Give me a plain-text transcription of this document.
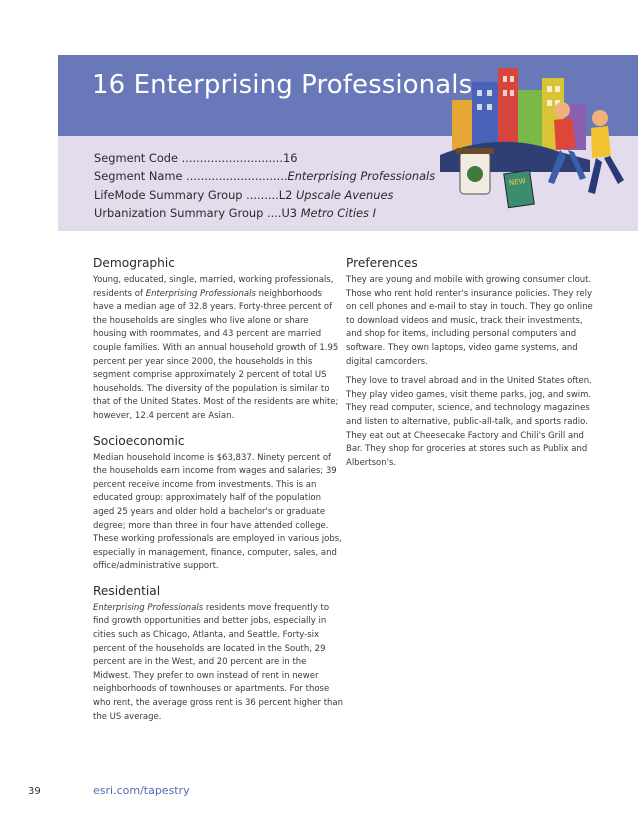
16 Enterprising Professionals
Segment Code ............................16
Segment Name ............................Enterprising Professionals
LifeMode Summary Group .........L2 Upscale Avenues
Urbanization Summary Group ....U3 Metro Cities I
NEW
Demographic

Young, educated, single, married, working professionals, residents of Enterprising Professionals neighborhoods have a median age of 32.8 years. Forty-three percent of the households are singles who live alone or share housing with roommates, and 43 percent are married couple families. With an annual household growth of 1.95 percent per year since 2000, the households in this segment comprise approximately 2 percent of total US households. The diversity of the population is similar to that of the United States. Most of the residents are white; however, 12.4 percent are Asian.

Socioeconomic

Median household income is $63,837. Ninety percent of the households earn income from wages and salaries; 39 percent receive income from investments. This is an educated group: approximately half of the population aged 25 years and older hold a bachelor's or graduate degree; more than three in four have attended college. These working professionals are employed in various jobs, especially in management, finance, computer, sales, and office/administrative support.

Residential

Enterprising Professionals residents move frequently to find growth opportunities and better jobs, especially in cities such as Chicago, Atlanta, and Seattle. Forty-six percent of the households are located in the South, 29 percent are in the West, and 20 percent are in the Midwest. They prefer to own instead of rent in newer neighborhoods of townhouses or apartments. For those who rent, the average gross rent is 36 percent higher than the US average.

Preferences

They are young and mobile with growing consumer clout. Those who rent hold renter's insurance policies. They rely on cell phones and e-mail to stay in touch. They go online to download videos and music, track their investments, and shop for items, including personal computers and software. They own laptops, video game systems, and digital camcorders.

They love to travel abroad and in the United States often. They play video games, visit theme parks, jog, and swim. They read computer, science, and technology magazines and listen to alternative, public-all-talk, and sports radio. They eat out at Cheesecake Factory and Chili's Grill and Bar. They shop for groceries at stores such as Publix and Albertson's.

39	esri.com/tapestry
